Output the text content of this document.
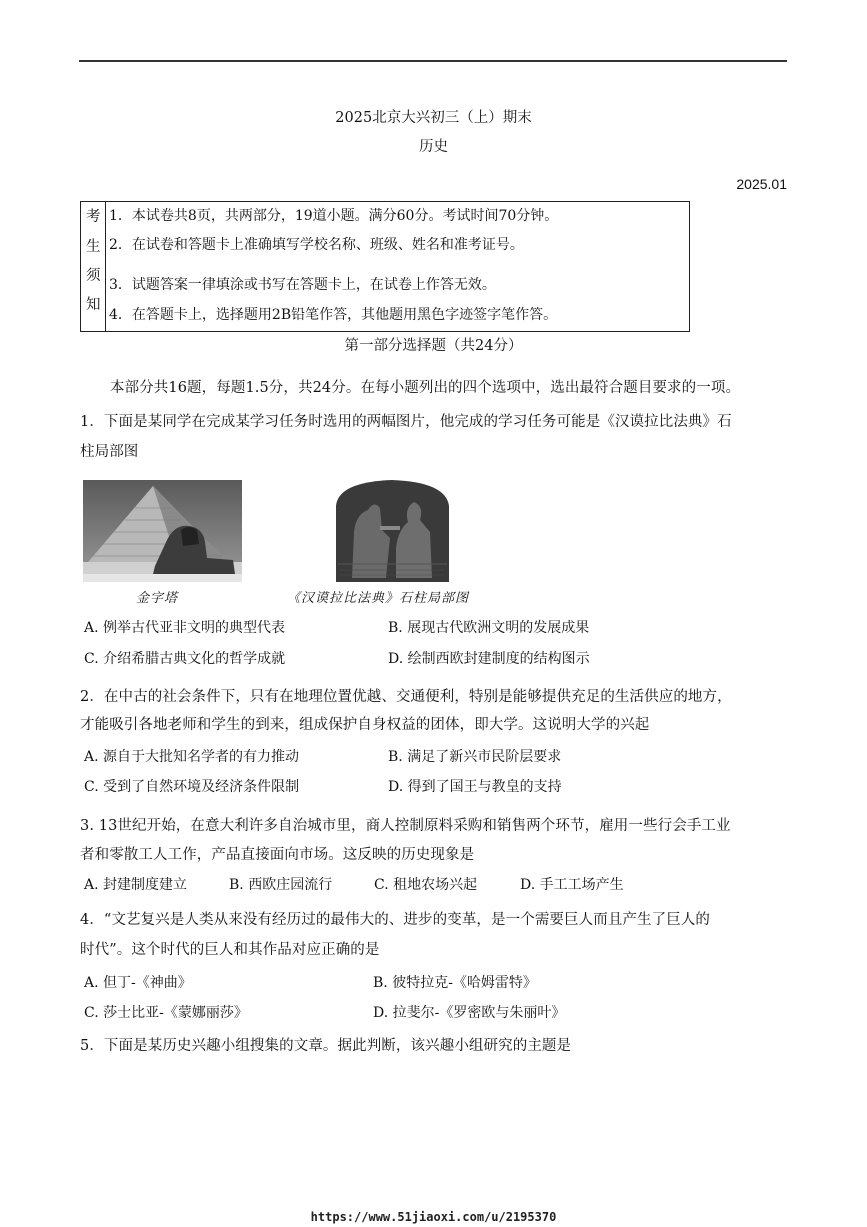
2025北京大兴初三（上）期末
历史
2025.01
考
生
须
知
1．本试卷共8页，共两部分，19道小题。满分60分。考试时间70分钟。
2．在试卷和答题卡上准确填写学校名称、班级、姓名和准考证号。
3．试题答案一律填涂或书写在答题卡上，在试卷上作答无效。
4．在答题卡上，选择题用2B铅笔作答，其他题用黑色字迹签字笔作答。
第一部分选择题（共24分）
本部分共16题，每题1.5分，共24分。在每小题列出的四个选项中，选出最符合题目要求的一项。
1．下面是某同学在完成某学习任务时选用的两幅图片，他完成的学习任务可能是《汉谟拉比法典》石
柱局部图
金字塔	《汉谟拉比法典》石柱局部图
A. 例举古代亚非文明的典型代表	B. 展现古代欧洲文明的发展成果
C. 介绍希腊古典文化的哲学成就	D. 绘制西欧封建制度的结构图示
2．在中古的社会条件下，只有在地理位置优越、交通便利，特别是能够提供充足的生活供应的地方，
才能吸引各地老师和学生的到来，组成保护自身权益的团体，即大学。这说明大学的兴起
A. 源自于大批知名学者的有力推动	B. 满足了新兴市民阶层要求
C. 受到了自然环境及经济条件限制	D. 得到了国王与教皇的支持
3. 13世纪开始，在意大利许多自治城市里，商人控制原料采购和销售两个环节，雇用一些行会手工业
者和零散工人工作，产品直接面向市场。这反映的历史现象是
A. 封建制度建立	B. 西欧庄园流行	C. 租地农场兴起	D. 手工工场产生
4．“文艺复兴是人类从来没有经历过的最伟大的、进步的变革，是一个需要巨人而且产生了巨人的
时代”。这个时代的巨人和其作品对应正确的是
A. 但丁-《神曲》	B. 彼特拉克-《哈姆雷特》
C. 莎士比亚-《蒙娜丽莎》	D. 拉斐尔-《罗密欧与朱丽叶》
5．下面是某历史兴趣小组搜集的文章。据此判断，该兴趣小组研究的主题是
https://www.51jiaoxi.com/u/2195370
